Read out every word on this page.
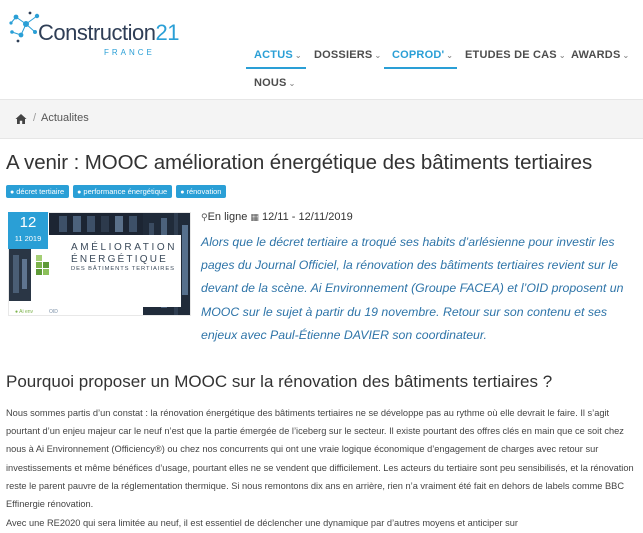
Construction21
FRANCE	ACTUS ⌄ DOSSIERS ⌄ COPROD' ⌄ ETUDES DE CAS ⌄ AWARDS ⌄
NOUS ⌄
/ Actualites
A venir : MOOC amélioration énergétique des bâtiments tertiaires
● décret tertiaire	● performance énergétique	● rénovation
● Ai env	OID
AMÉLIORATION
ÉNERGÉTIQUE
DES BÂTIMENTS TERTIAIRES
12
11 2019
⚲En ligne ▦ 12/11 - 12/11/2019

Alors que le décret tertiaire a troqué ses habits d’arlésienne pour investir les pages du Journal Officiel, la rénovation des bâtiments tertiaires revient sur le devant de la scène. Ai Environnement (Groupe FACEA) et l’OID proposent un MOOC sur le sujet à partir du 19 novembre. Retour sur son contenu et ses enjeux avec Paul-Étienne DAVIER son coordinateur.

Pourquoi proposer un MOOC sur la rénovation des bâtiments tertiaires ?

Nous sommes partis d’un constat : la rénovation énergétique des bâtiments tertiaires ne se développe pas au rythme où elle devrait le faire. Il s’agit pourtant d’un enjeu majeur car le neuf n’est que la partie émergée de l’iceberg sur le secteur. Il existe pourtant des offres clés en main que ce soit chez nous à Ai Environnement (Officiency®) ou chez nos concurrents qui ont une vraie logique économique d’engagement de charges avec retour sur investissements et même bénéfices d’usage, pourtant elles ne se vendent que difficilement. Les acteurs du tertiaire sont peu sensibilisés, et la rénovation reste le parent pauvre de la réglementation thermique. Si nous remontons dix ans en arrière, rien n’a vraiment été fait en dehors de labels comme BBC Effinergie rénovation.

Avec une RE2020 qui sera limitée au neuf, il est essentiel de déclencher une dynamique par d’autres moyens et anticiper sur
